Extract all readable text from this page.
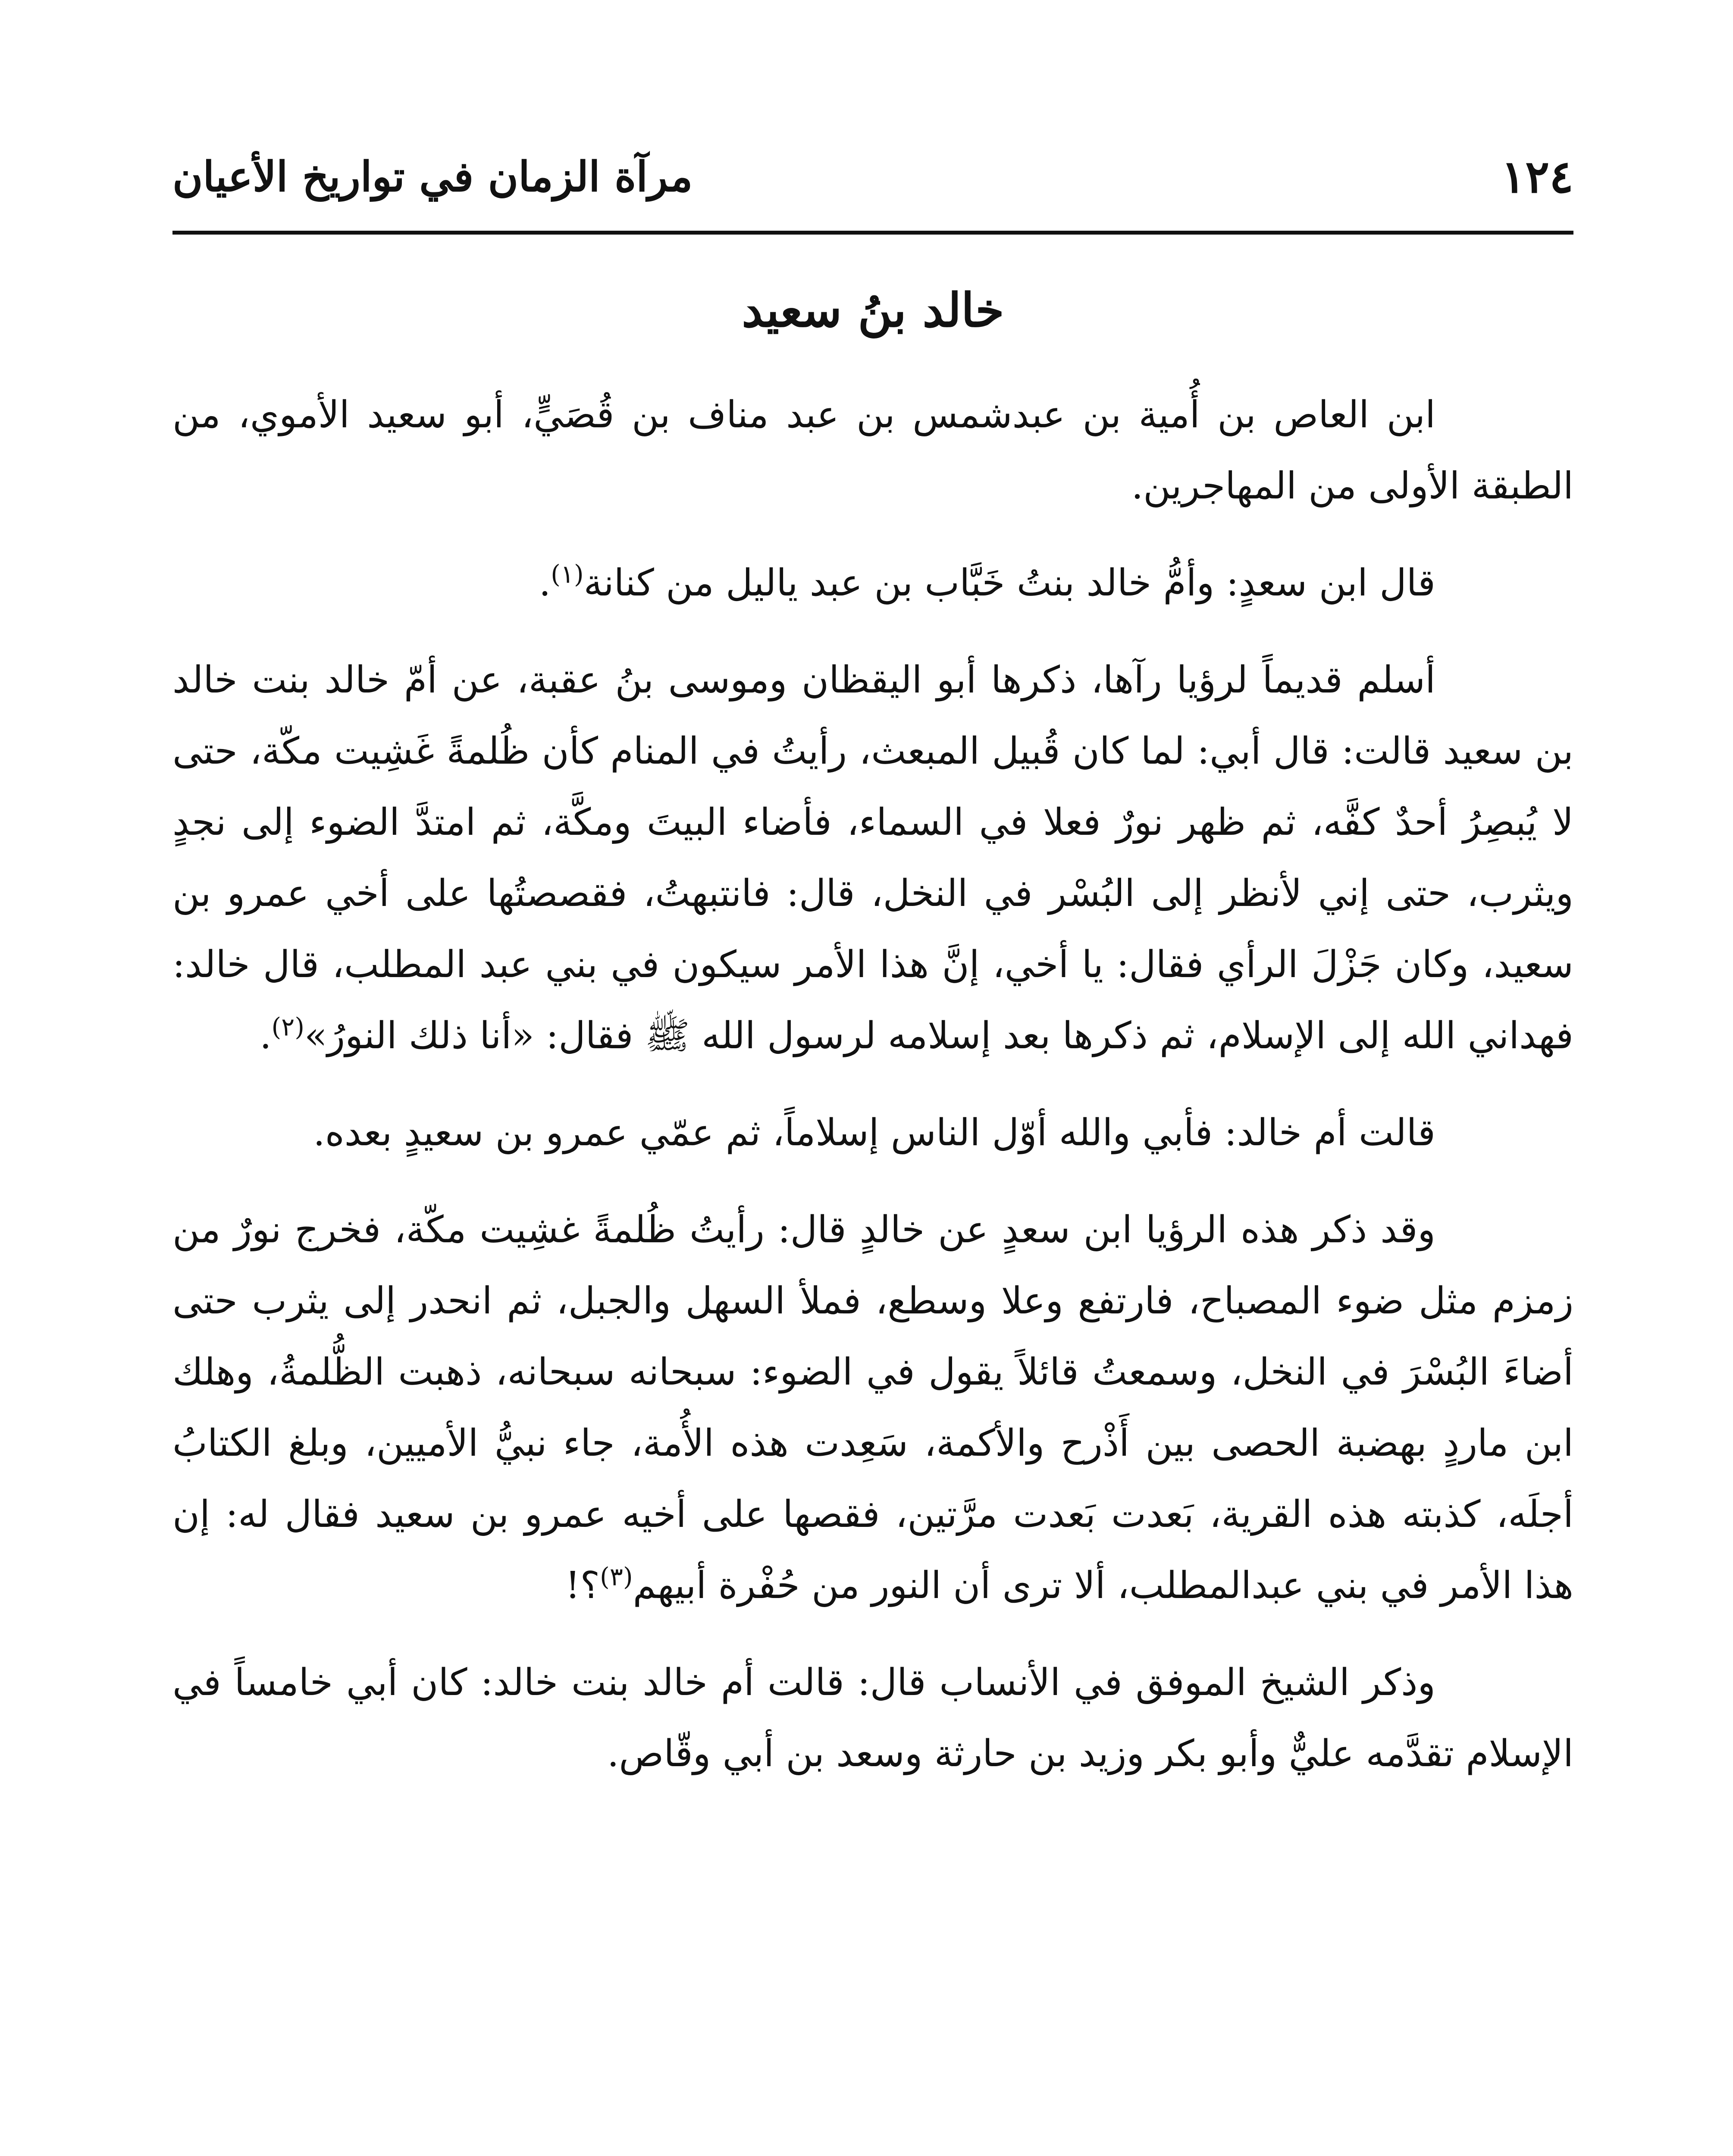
١٢٤
مرآة الزمان في تواريخ الأعيان
خالد بنُ سعيد

ابن العاص بن أُمية بن عبدشمس بن عبد مناف بن قُصَيٍّ، أبو سعيد الأموي، من الطبقة الأولى من المهاجرين.

قال ابن سعدٍ: وأمُّ خالد بنتُ خَبَّاب بن عبد ياليل من كنانة$^{(١)}$.

أسلم قديماً لرؤيا رآها، ذكرها أبو اليقظان وموسى بنُ عقبة، عن أمّ خالد بنت خالد بن سعيد قالت: قال أبي: لما كان قُبيل المبعث، رأيتُ في المنام كأن ظُلمةً غَشِيت مكّة، حتى لا يُبصِرُ أحدٌ كفَّه، ثم ظهر نورٌ فعلا في السماء، فأضاء البيتَ ومكَّة، ثم امتدَّ الضوء إلى نجدٍ ويثرب، حتى إني لأنظر إلى البُسْر في النخل، قال: فانتبهتُ، فقصصتُها على أخي عمرو بن سعيد، وكان جَزْلَ الرأي فقال: يا أخي، إنَّ هذا الأمر سيكون في بني عبد المطلب، قال خالد: فهداني الله إلى الإسلام، ثم ذكرها بعد إسلامه لرسول الله ﷺ فقال: «أنا ذلك النورُ»$^{(٢)}$.

قالت أم خالد: فأبي والله أوّل الناس إسلاماً، ثم عمّي عمرو بن سعيدٍ بعده.

وقد ذكر هذه الرؤيا ابن سعدٍ عن خالدٍ قال: رأيتُ ظُلمةً غشِيت مكّة، فخرج نورٌ من زمزم مثل ضوء المصباح، فارتفع وعلا وسطع، فملأ السهل والجبل، ثم انحدر إلى يثرب حتى أضاءَ البُسْرَ في النخل، وسمعتُ قائلاً يقول في الضوء: سبحانه سبحانه، ذهبت الظُّلمةُ، وهلك ابن ماردٍ بهضبة الحصى بين أَذْرح والأكمة، سَعِدت هذه الأُمة، جاء نبيُّ الأميين، وبلغ الكتابُ أجلَه، كذبته هذه القرية، بَعدت بَعدت مرَّتين، فقصها على أخيه عمرو بن سعيد فقال له: إن هذا الأمر في بني عبدالمطلب، ألا ترى أن النور من حُفْرة أبيهم$^{(٣)}$؟!

وذكر الشيخ الموفق في الأنساب قال: قالت أم خالد بنت خالد: كان أبي خامساً في الإسلام تقدَّمه عليٌّ وأبو بكر وزيد بن حارثة وسعد بن أبي وقّاص.
